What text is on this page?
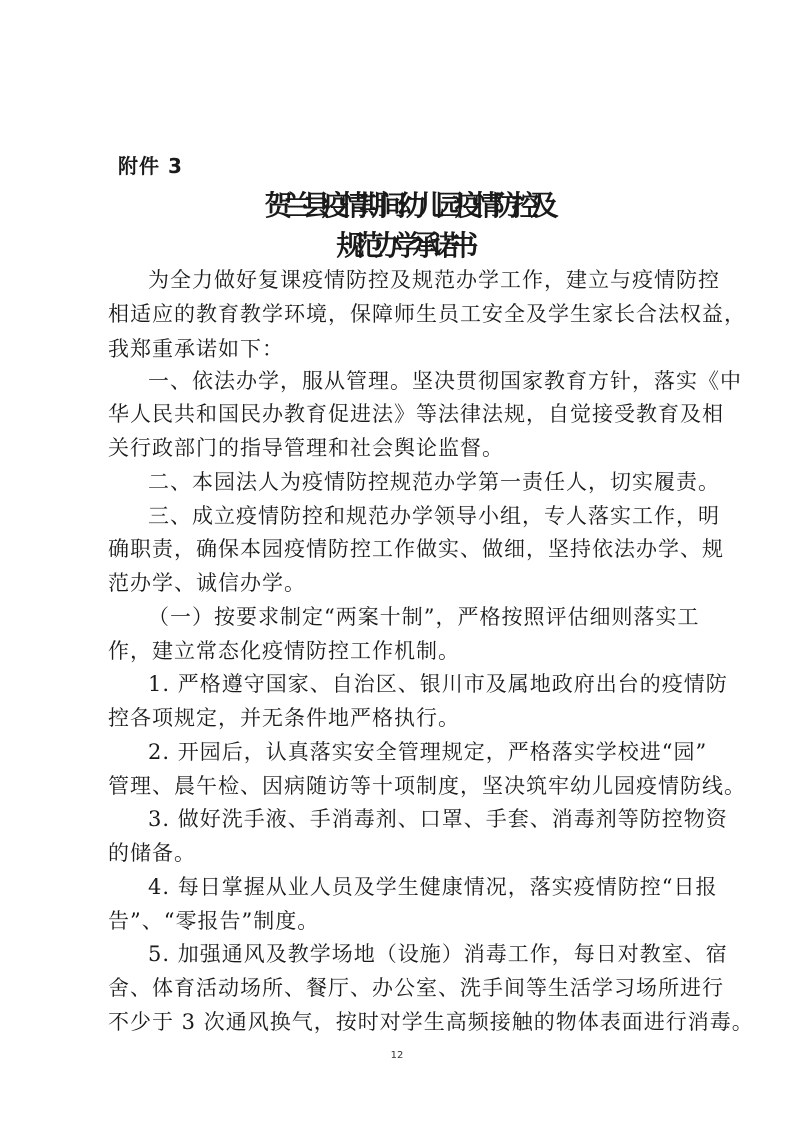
附件 3
贺兰县疫情期间幼儿园疫情防控及
规范办学承诺书
为全力做好复课疫情防控及规范办学工作，建立与疫情防控
相适应的教育教学环境，保障师生员工安全及学生家长合法权益，
我郑重承诺如下：
一、依法办学，服从管理。坚决贯彻国家教育方针，落实《中
华人民共和国民办教育促进法》等法律法规，自觉接受教育及相
关行政部门的指导管理和社会舆论监督。
二、本园法人为疫情防控规范办学第一责任人，切实履责。
三、成立疫情防控和规范办学领导小组，专人落实工作，明
确职责，确保本园疫情防控工作做实、做细，坚持依法办学、规
范办学、诚信办学。
（一）按要求制定“两案十制”，严格按照评估细则落实工
作，建立常态化疫情防控工作机制。
1. 严格遵守国家、自治区、银川市及属地政府出台的疫情防
控各项规定，并无条件地严格执行。
2. 开园后，认真落实安全管理规定，严格落实学校进“园”
管理、晨午检、因病随访等十项制度，坚决筑牢幼儿园疫情防线。
3. 做好洗手液、手消毒剂、口罩、手套、消毒剂等防控物资
的储备。
4. 每日掌握从业人员及学生健康情况，落实疫情防控“日报
告”、“零报告”制度。
5. 加强通风及教学场地（设施）消毒工作，每日对教室、宿
舍、体育活动场所、餐厅、办公室、洗手间等生活学习场所进行
不少于 3 次通风换气，按时对学生高频接触的物体表面进行消毒。
12
